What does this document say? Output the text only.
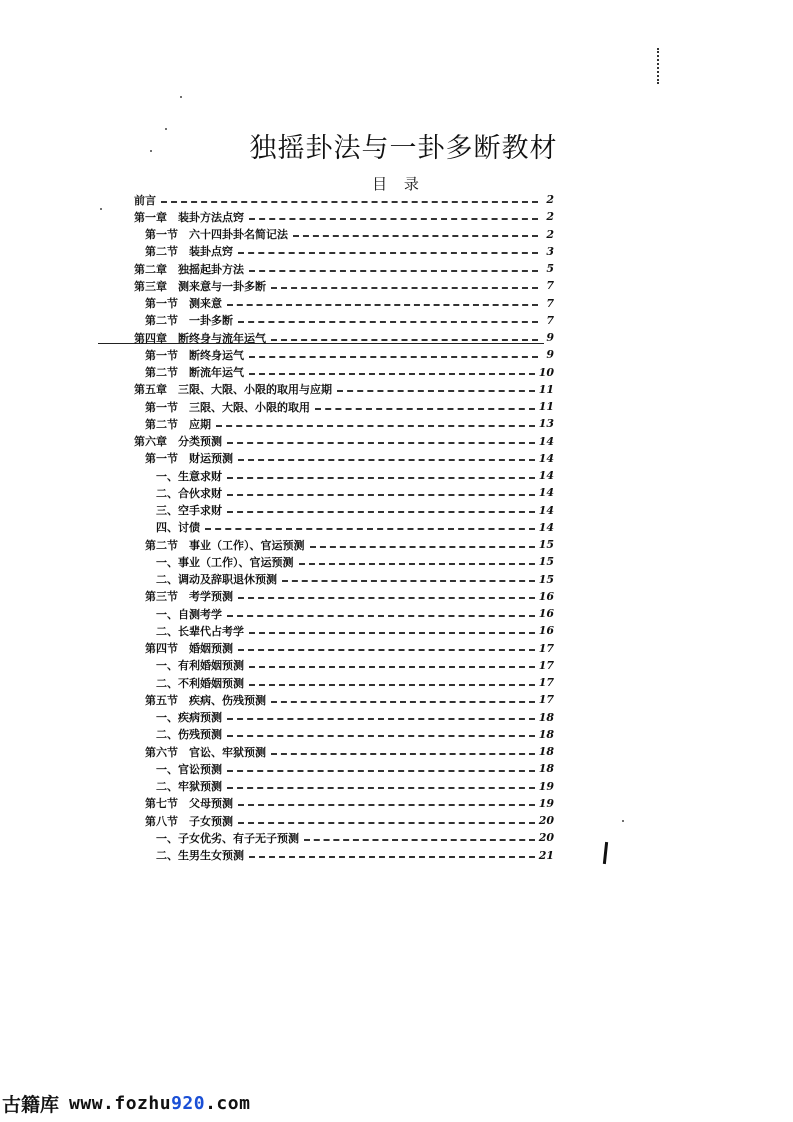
独摇卦法与一卦多断教材
目 录
前言	2
第一章　装卦方法点窍	2
第一节　六十四卦卦名简记法	2
第二节　装卦点窍	3
第二章　独摇起卦方法	5
第三章　测来意与一卦多断	7
第一节　测来意	7
第二节　一卦多断	7
第四章　断终身与流年运气	9
第一节　断终身运气	9
第二节　断流年运气	10
第五章　三限、大限、小限的取用与应期	11
第一节　三限、大限、小限的取用	11
第二节　应期	13
第六章　分类预测	14
第一节　财运预测	14
一、生意求财	14
二、合伙求财	14
三、空手求财	14
四、讨债	14
第二节　事业（工作）、官运预测	15
一、事业（工作）、官运预测	15
二、调动及辞职退休预测	15
第三节　考学预测	16
一、自测考学	16
二、长辈代占考学	16
第四节　婚姻预测	17
一、有利婚姻预测	17
二、不利婚姻预测	17
第五节　疾病、伤残预测	17
一、疾病预测	18
二、伤残预测	18
第六节　官讼、牢狱预测	18
一、官讼预测	18
二、牢狱预测	19
第七节　父母预测	19
第八节　子女预测	20
一、子女优劣、有子无子预测	20
二、生男生女预测	21
古籍库 www.fozhu920.com
